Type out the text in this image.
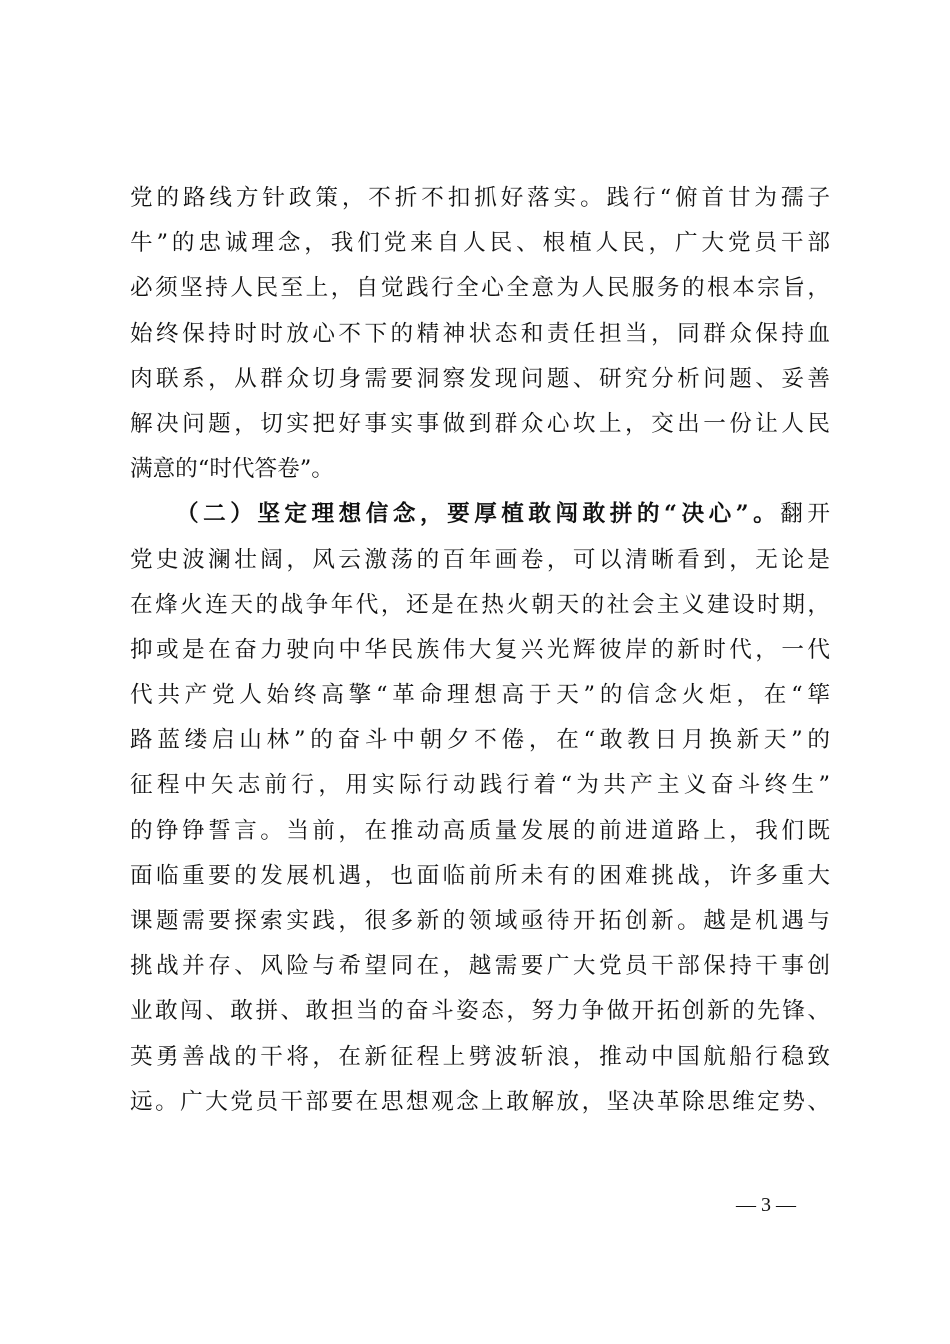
党的路线方针政策，不折不扣抓好落实。践行“俯首甘为孺子
牛”的忠诚理念，我们党来自人民、根植人民，广大党员干部
必须坚持人民至上，自觉践行全心全意为人民服务的根本宗旨，
始终保持时时放心不下的精神状态和责任担当，同群众保持血
肉联系，从群众切身需要洞察发现问题、研究分析问题、妥善
解决问题，切实把好事实事做到群众心坎上，交出一份让人民
满意的“时代答卷”。
（二）坚定理想信念，要厚植敢闯敢拼的“决心”。翻开
党史波澜壮阔，风云激荡的百年画卷，可以清晰看到，无论是
在烽火连天的战争年代，还是在热火朝天的社会主义建设时期，
抑或是在奋力驶向中华民族伟大复兴光辉彼岸的新时代，一代
代共产党人始终高擎“革命理想高于天”的信念火炬，在“筚
路蓝缕启山林”的奋斗中朝夕不倦，在“敢教日月换新天”的
征程中矢志前行，用实际行动践行着“为共产主义奋斗终生”
的铮铮誓言。当前，在推动高质量发展的前进道路上，我们既
面临重要的发展机遇，也面临前所未有的困难挑战，许多重大
课题需要探索实践，很多新的领域亟待开拓创新。越是机遇与
挑战并存、风险与希望同在，越需要广大党员干部保持干事创
业敢闯、敢拼、敢担当的奋斗姿态，努力争做开拓创新的先锋、
英勇善战的干将，在新征程上劈波斩浪，推动中国航船行稳致
远。广大党员干部要在思想观念上敢解放，坚决革除思维定势、
— 3 —
